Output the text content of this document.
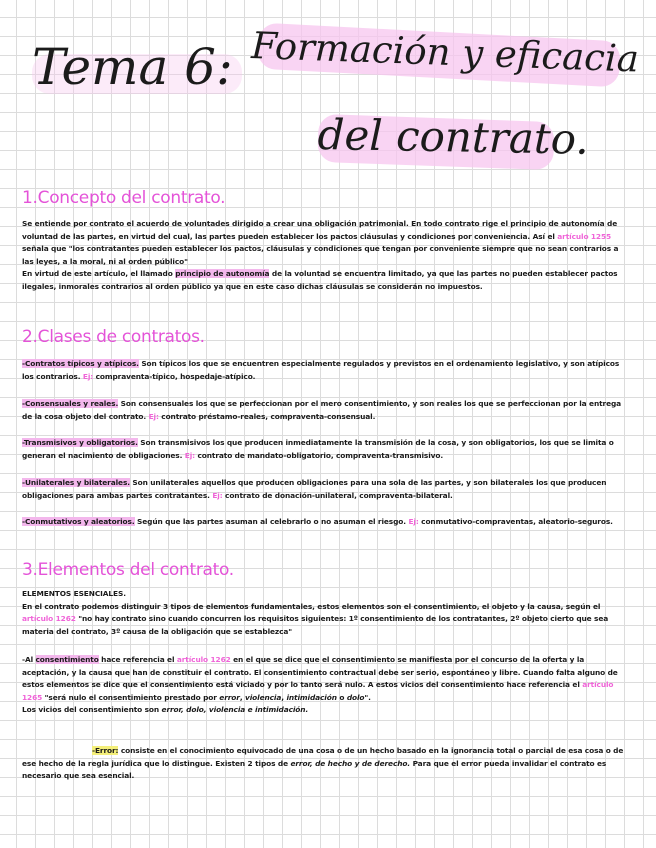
Tema 6: Formación y eficacia
del contrato.
1.Concepto del contrato.

Se entiende por contrato el acuerdo de voluntades dirigido a crear una obligación patrimonial. En todo contrato rige el principio de autonomía de voluntad de las partes, en virtud del cual, las partes pueden establecer los pactos cláusulas y condiciones por conveniencia. Así el artículo 1255 señala que "los contratantes pueden establecer los pactos, cláusulas y condiciones que tengan por conveniente siempre que no sean contrarios a las leyes, a la moral, ni al orden público"
En virtud de este artículo, el llamado principio de autonomía de la voluntad se encuentra limitado, ya que las partes no pueden establecer pactos ilegales, inmorales contrarios al orden público ya que en este caso dichas cláusulas se considerán no impuestos.

2.Clases de contratos.

-Contratos típicos y atípicos. Son típicos los que se encuentren especialmente regulados y previstos en el ordenamiento legislativo, y son atípicos los contrarios. Ej: compraventa-típico, hospedaje-atípico.

-Consensuales y reales. Son consensuales los que se perfeccionan por el mero consentimiento, y son reales los que se perfeccionan por la entrega de la cosa objeto del contrato. Ej: contrato préstamo-reales, compraventa-consensual.

-Transmisivos y obligatorios. Son transmisivos los que producen inmediatamente la transmisión de la cosa, y son obligatorios, los que se limita o generan el nacimiento de obligaciones. Ej: contrato de mandato-obligatorio, compraventa-transmisivo.

-Unilaterales y bilaterales. Son unilaterales aquellos que producen obligaciones para una sola de las partes, y son bilaterales los que producen obligaciones para ambas partes contratantes. Ej: contrato de donación-unilateral, compraventa-bilateral.

-Conmutativos y aleatorios. Según que las partes asuman al celebrarlo o no asuman el riesgo. Ej: conmutativo-compraventas, aleatorio-seguros.

3.Elementos del contrato.

ELEMENTOS ESENCIALES.
En el contrato podemos distinguir 3 tipos de elementos fundamentales, estos elementos son el consentimiento, el objeto y la causa, según el artículo 1262 "no hay contrato sino cuando concurren los requisitos siguientes: 1º consentimiento de los contratantes, 2º objeto cierto que sea materia del contrato, 3º causa de la obligación que se establezca"

-Al consentimiento hace referencia el artículo 1262 en el que se dice que el consentimiento se manifiesta por el concurso de la oferta y la aceptación, y la causa que han de constituir el contrato. El consentimiento contractual debe ser serio, espontáneo y libre. Cuando falta alguno de estos elementos se dice que el consentimiento está viciado y por lo tanto será nulo. A estos vicios del consentimiento hace referencia el artículo 1265 "será nulo el consentimiento prestado por error, violencia, intimidación o dolo".
Los vicios del consentimiento son error, dolo, violencia e intimidación.

-Error: consiste en el conocimiento equivocado de una cosa o de un hecho basado en la ignorancia total o parcial de esa cosa o de ese hecho de la regla jurídica que lo distingue. Existen 2 tipos de error, de hecho y de derecho. Para que el error pueda invalidar el contrato es necesario que sea esencial.
